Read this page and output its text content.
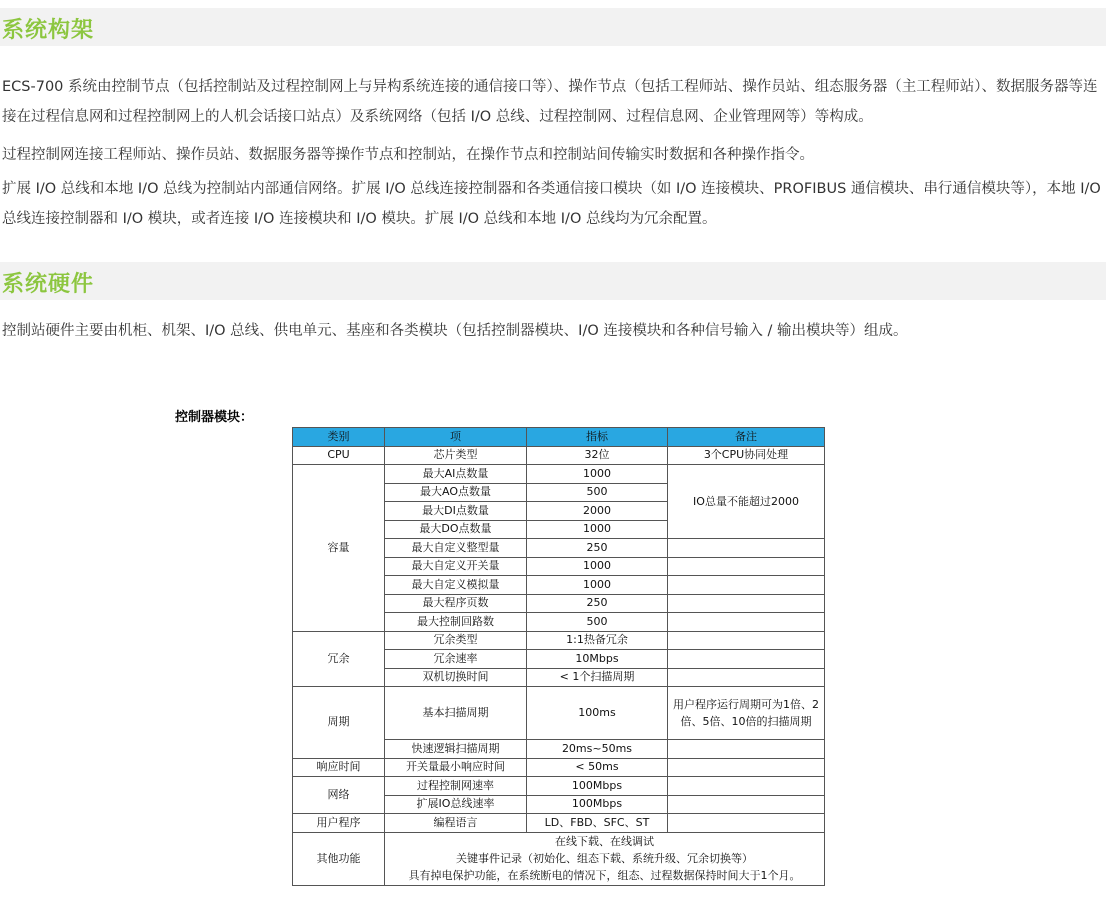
系统构架
ECS-700 系统由控制节点（包括控制站及过程控制网上与异构系统连接的通信接口等）、操作节点（包括工程师站、操作员站、组态服务器（主工程师站）、数据服务器等连接在过程信息网和过程控制网上的人机会话接口站点）及系统网络（包括 I/O 总线、过程控制网、过程信息网、企业管理网等）等构成。
过程控制网连接工程师站、操作员站、数据服务器等操作节点和控制站，在操作节点和控制站间传输实时数据和各种操作指令。
扩展 I/O 总线和本地 I/O 总线为控制站内部通信网络。扩展 I/O 总线连接控制器和各类通信接口模块（如 I/O 连接模块、PROFIBUS 通信模块、串行通信模块等），本地 I/O 总线连接控制器和 I/O 模块，或者连接 I/O 连接模块和 I/O 模块。扩展 I/O 总线和本地 I/O 总线均为冗余配置。
系统硬件
控制站硬件主要由机柜、机架、I/O 总线、供电单元、基座和各类模块（包括控制器模块、I/O 连接模块和各种信号输入 / 输出模块等）组成。
控制器模块：
类别	项	指标	备注
CPU	芯片类型	32位	3个CPU协同处理
容量	最大AI点数量	1000	IO总量不能超过2000
	最大AO点数量	500	
	最大DI点数量	2000	
	最大DO点数量	1000	
	最大自定义整型量	250	
	最大自定义开关量	1000	
	最大自定义模拟量	1000	
	最大程序页数	250	
	最大控制回路数	500	
冗余	冗余类型	1:1热备冗余	
	冗余速率	10Mbps	
	双机切换时间	< 1个扫描周期	
周期	基本扫描周期	100ms	用户程序运行周期可为1倍、2倍、5倍、10倍的扫描周期
	快速逻辑扫描周期	20ms~50ms	
响应时间	开关量最小响应时间	< 50ms	
网络	过程控制网速率	100Mbps	
	扩展IO总线速率	100Mbps	
用户程序	编程语言	LD、FBD、SFC、ST	
其他功能	在线下载、在线调试
关键事件记录（初始化、组态下载、系统升级、冗余切换等）
具有掉电保护功能，在系统断电的情况下，组态、过程数据保持时间大于1个月。		
